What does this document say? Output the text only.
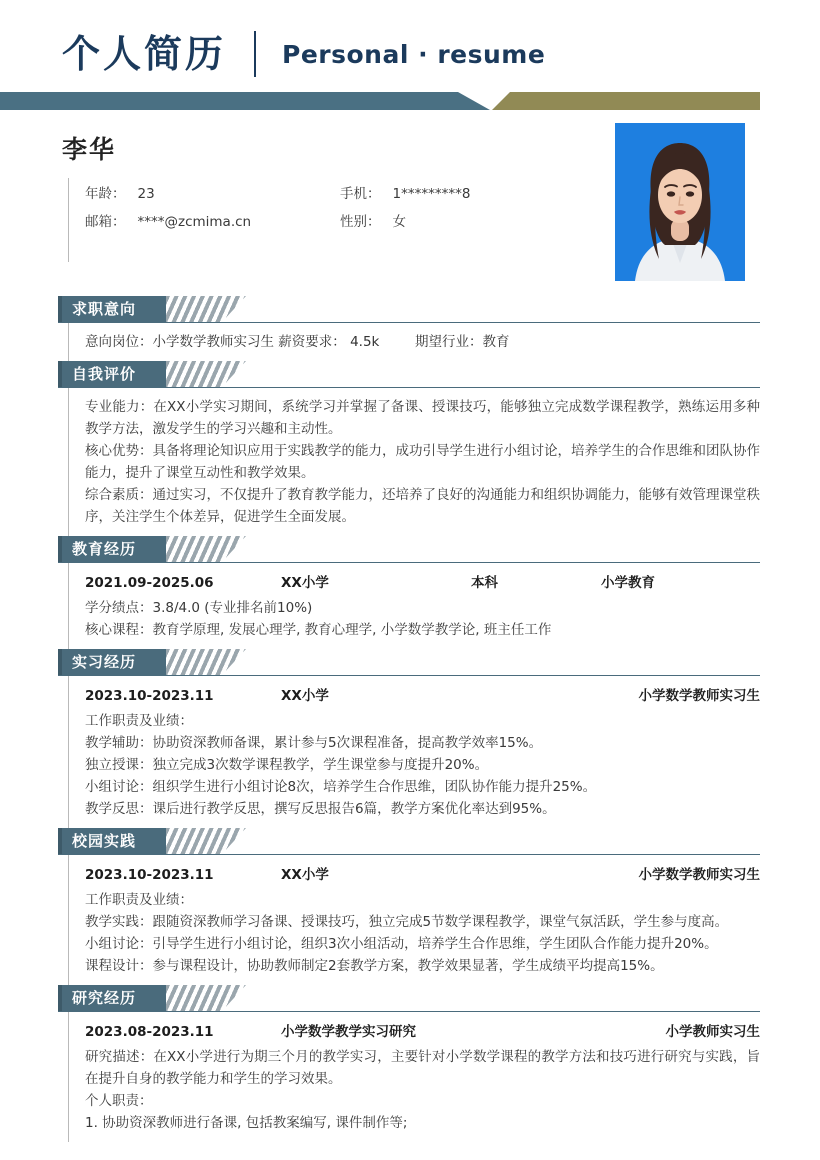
个人简历 Personal · resume
李华
年龄： 23	手机： 1*********8
邮箱： ****@zcmima.cn	性别： 女
求职意向
意向岗位：小学数学教师实习生 薪资要求： 4.5k	期望行业：教育
自我评价
专业能力：在XX小学实习期间，系统学习并掌握了备课、授课技巧，能够独立完成数学课程教学，熟练运用多种教学方法，激发学生的学习兴趣和主动性。
核心优势：具备将理论知识应用于实践教学的能力，成功引导学生进行小组讨论，培养学生的合作思维和团队协作能力，提升了课堂互动性和教学效果。
综合素质：通过实习，不仅提升了教育教学能力，还培养了良好的沟通能力和组织协调能力，能够有效管理课堂秩序，关注学生个体差异，促进学生全面发展。
教育经历
2021.09-2025.06	XX小学	本科	小学教育
学分绩点：3.8/4.0 (专业排名前10%)
核心课程：教育学原理, 发展心理学, 教育心理学, 小学数学教学论, 班主任工作
实习经历
2023.10-2023.11	XX小学	小学数学教师实习生
工作职责及业绩：
教学辅助：协助资深教师备课，累计参与5次课程准备，提高教学效率15%。
独立授课：独立完成3次数学课程教学，学生课堂参与度提升20%。
小组讨论：组织学生进行小组讨论8次，培养学生合作思维，团队协作能力提升25%。
教学反思：课后进行教学反思，撰写反思报告6篇，教学方案优化率达到95%。
校园实践
2023.10-2023.11	XX小学	小学数学教师实习生
工作职责及业绩：
教学实践：跟随资深教师学习备课、授课技巧，独立完成5节数学课程教学，课堂气氛活跃，学生参与度高。
小组讨论：引导学生进行小组讨论，组织3次小组活动，培养学生合作思维，学生团队合作能力提升20%。
课程设计：参与课程设计，协助教师制定2套教学方案，教学效果显著，学生成绩平均提高15%。
研究经历
2023.08-2023.11	小学数学教学实习研究	小学教师实习生
研究描述：在XX小学进行为期三个月的教学实习，主要针对小学数学课程的教学方法和技巧进行研究与实践，旨在提升自身的教学能力和学生的学习效果。
个人职责：
1. 协助资深教师进行备课, 包括教案编写, 课件制作等;
